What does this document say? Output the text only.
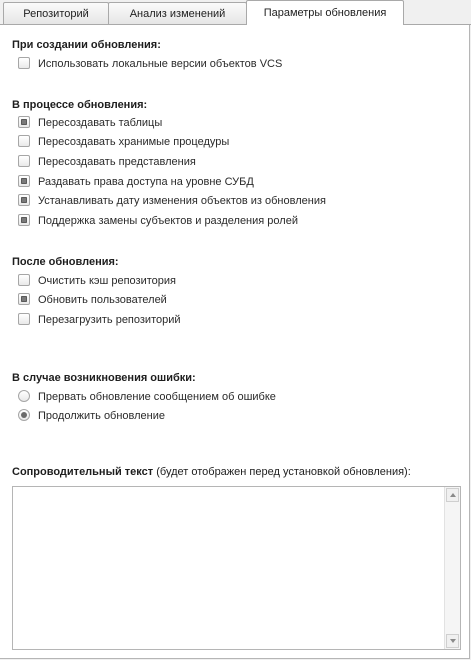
Репозиторий	Анализ изменений	Параметры обновления
При создании обновления:
Использовать локальные версии объектов VCS
В процессе обновления:
Пересоздавать таблицы
Пересоздавать хранимые процедуры
Пересоздавать представления
Раздавать права доступа на уровне СУБД
Устанавливать дату изменения объектов из обновления
Поддержка замены субъектов и разделения ролей
После обновления:
Очистить кэш репозитория
Обновить пользователей
Перезагрузить репозиторий
В случае возникновения ошибки:
Прервать обновление сообщением об ошибке
Продолжить обновление
Сопроводительный текст (будет отображен перед установкой обновления):
